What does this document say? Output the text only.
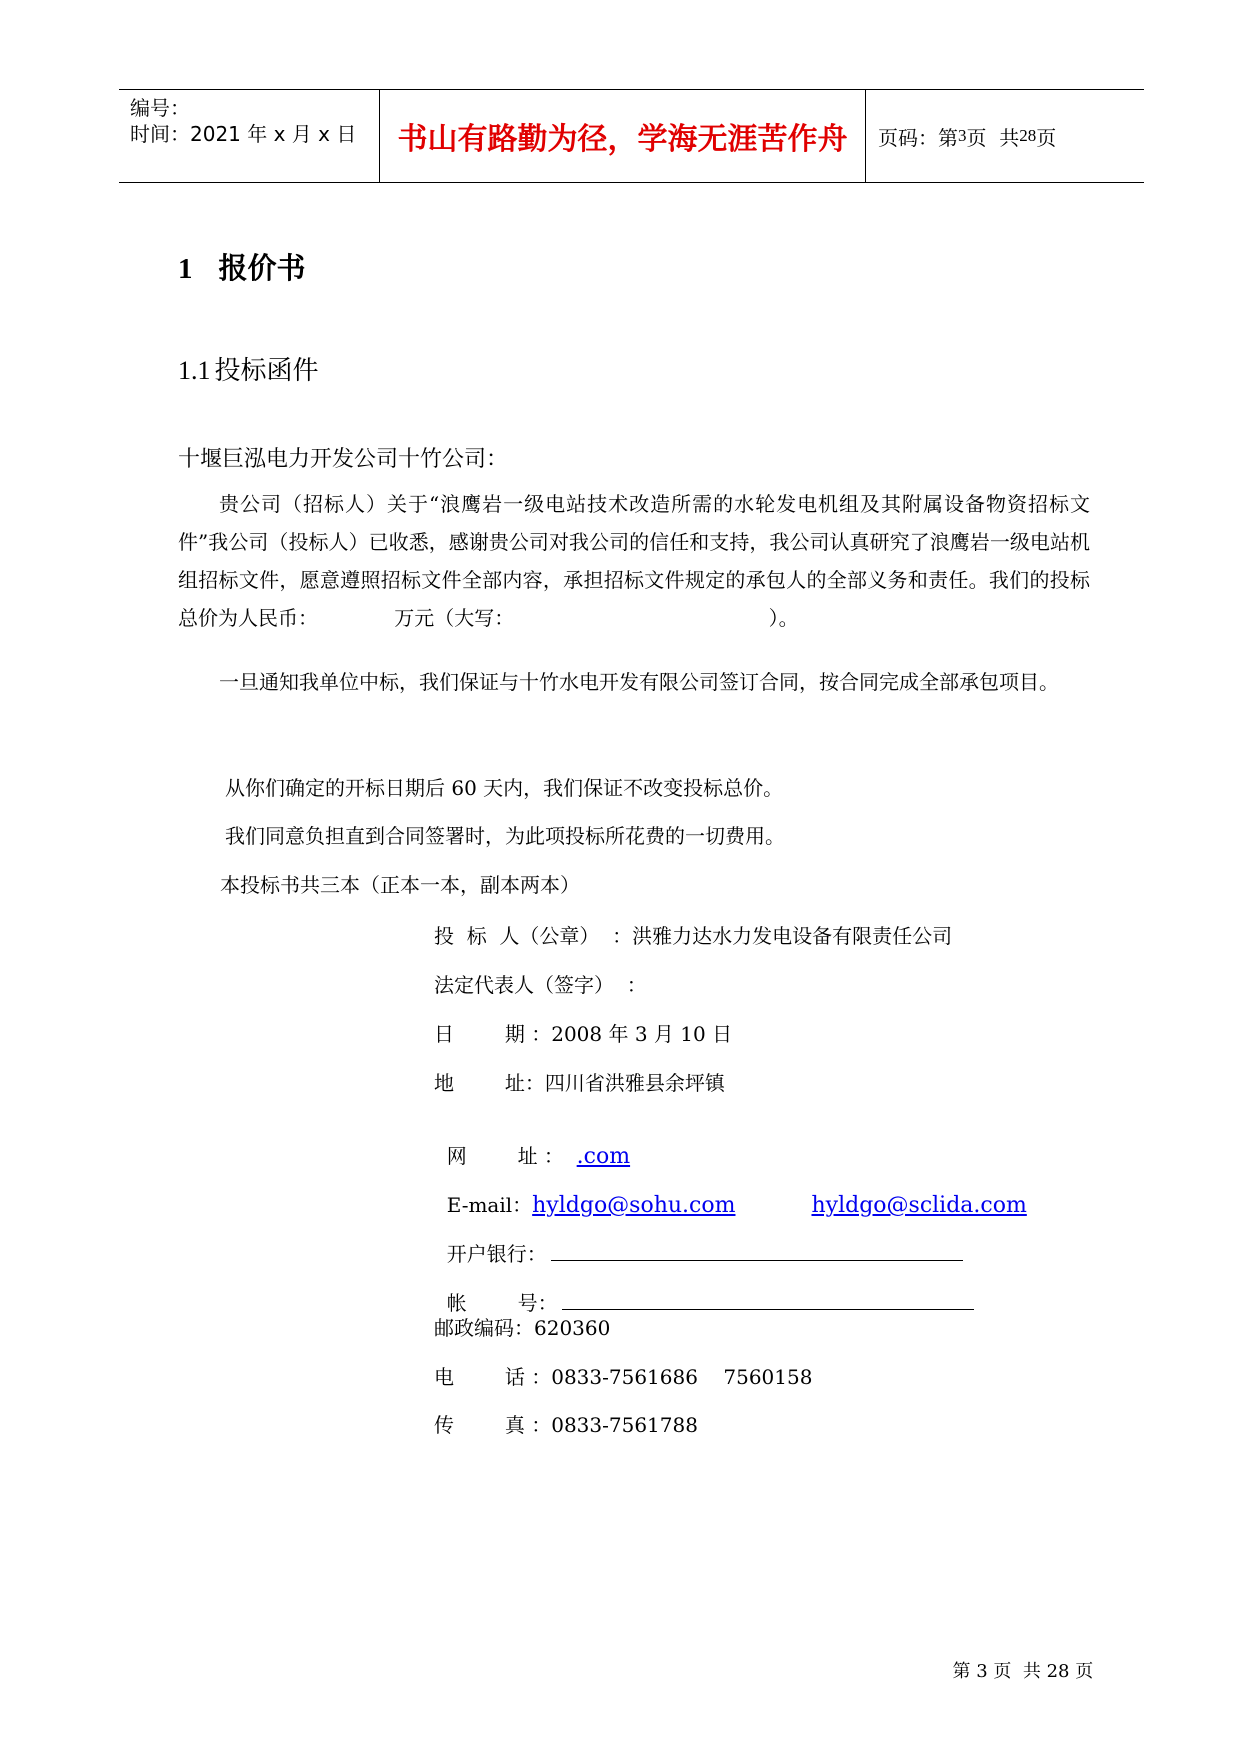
编号：
时间：2021 年 x 月 x 日	书山有路勤为径，学海无涯苦作舟	页码：第 3 页  共 28 页
1 报价书
1.1 投标函件
十堰巨泓电力开发公司十竹公司：

贵公司（招标人）关于“浪鹰岩一级电站技术改造所需的水轮发电机组及其附属设备物资招标文件”我公司（投标人）已收悉，感谢贵公司对我公司的信任和支持，我公司认真研究了浪鹰岩一级电站机组招标文件，愿意遵照招标文件全部内容，承担招标文件规定的承包人的全部义务和责任。我们的投标总价为人民币：            万元（大写：                                        ）。

一旦通知我单位中标，我们保证与十竹水电开发有限公司签订合同，按合同完成全部承包项目。

从你们确定的开标日期后 60 天内，我们保证不改变投标总价。
我们同意负担直到合同签署时，为此项投标所花费的一切费用。
本投标书共三本（正本一本，副本两本）
投  标  人（公章）  ：洪雅力达水力发电设备有限责任公司
法定代表人（签字）  ：
日        期 ：2008 年 3 月 10 日
地        址：四川省洪雅县余坪镇

网        址 ：  .com

E-mail：hyldgo@sohu.com	hyldgo@sclida.com

开户银行：

帐        号：

邮政编码：620360
电        话 ：0833-7561686    7560158
传        真 ：0833-7561788

第 3 页  共 28 页
